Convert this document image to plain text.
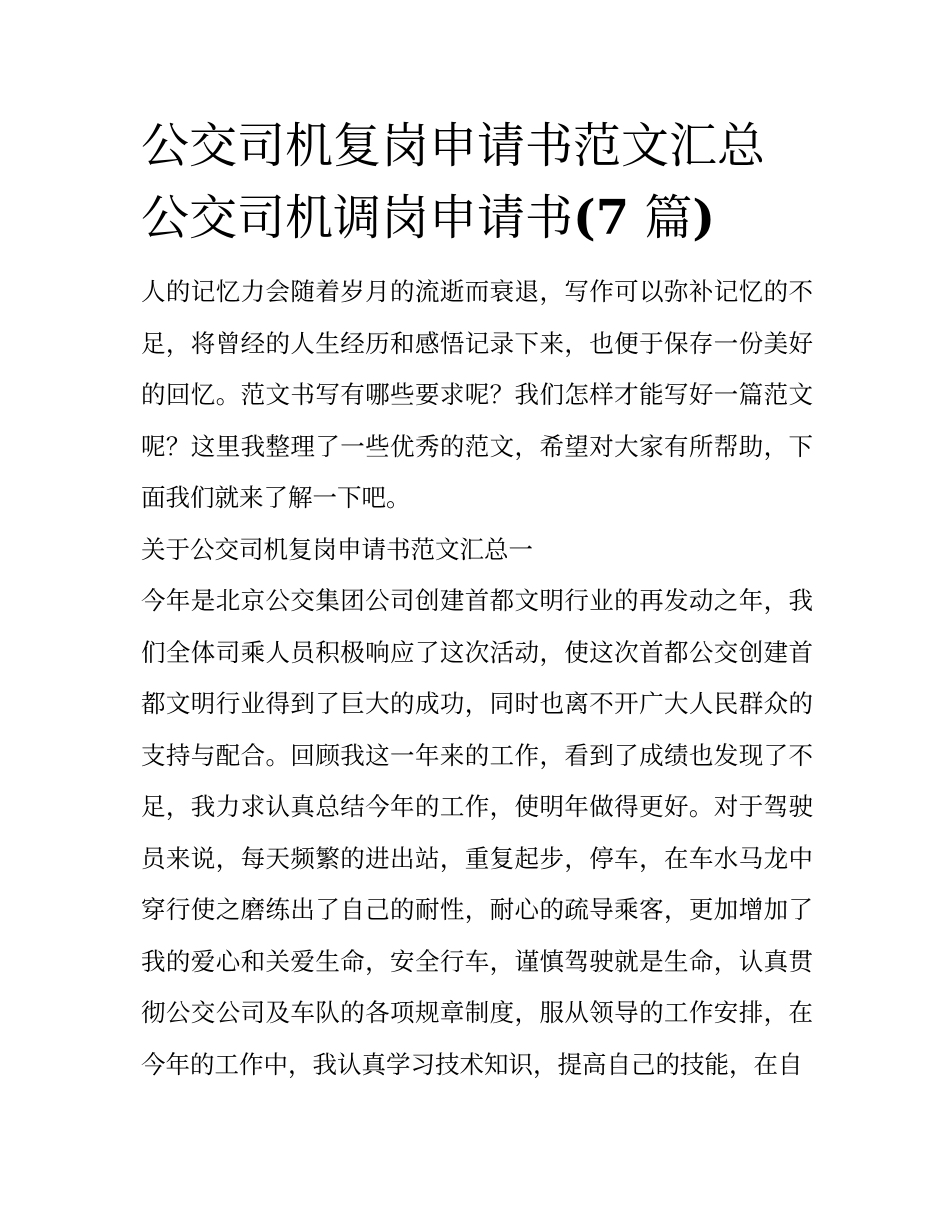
公交司机复岗申请书范文汇总
公交司机调岗申请书(7 篇)

人的记忆力会随着岁月的流逝而衰退，写作可以弥补记忆的不足，将曾经的人生经历和感悟记录下来，也便于保存一份美好的回忆。范文书写有哪些要求呢？我们怎样才能写好一篇范文呢？这里我整理了一些优秀的范文，希望对大家有所帮助，下面我们就来了解一下吧。

关于公交司机复岗申请书范文汇总一

今年是北京公交集团公司创建首都文明行业的再发动之年，我们全体司乘人员积极响应了这次活动，使这次首都公交创建首都文明行业得到了巨大的成功，同时也离不开广大人民群众的支持与配合。回顾我这一年来的工作，看到了成绩也发现了不足，我力求认真总结今年的工作，使明年做得更好。对于驾驶员来说，每天频繁的进出站，重复起步，停车，在车水马龙中穿行使之磨练出了自己的耐性，耐心的疏导乘客，更加增加了我的爱心和关爱生命，安全行车，谨慎驾驶就是生命，认真贯彻公交公司及车队的各项规章制度，服从领导的工作安排，在今年的工作中，我认真学习技术知识，提高自己的技能，在自
